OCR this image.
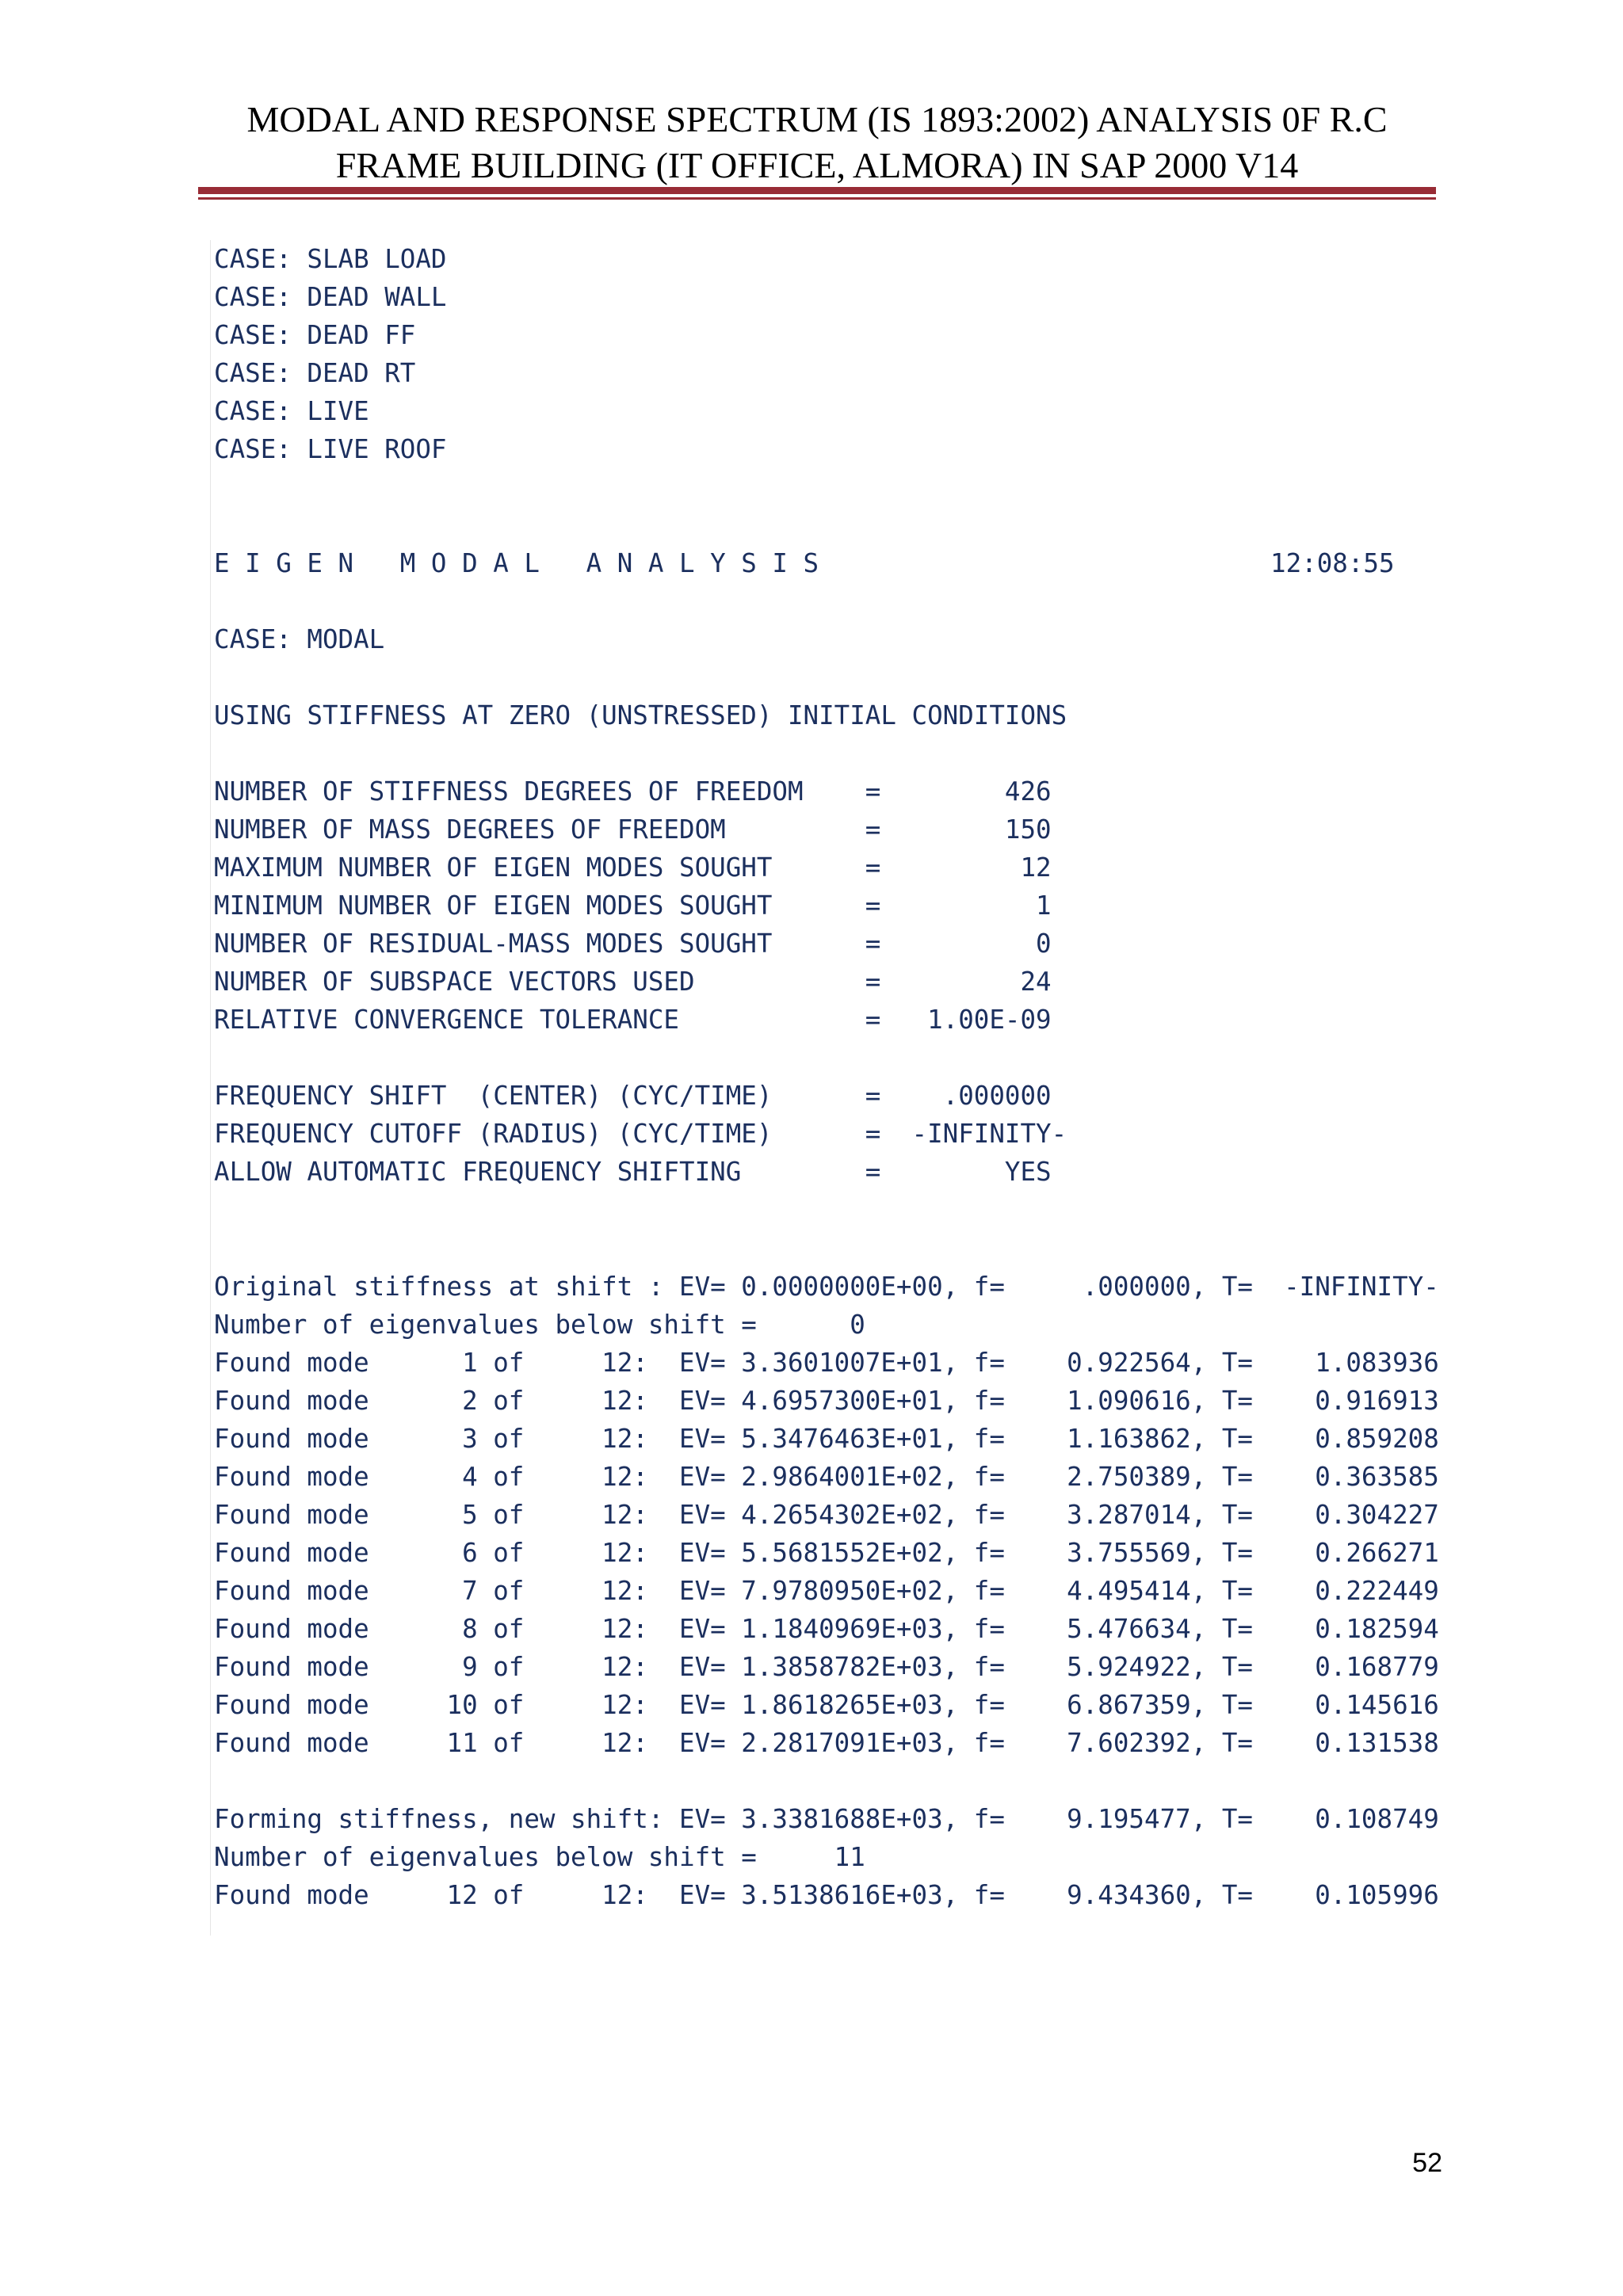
MODAL AND RESPONSE SPECTRUM (IS 1893:2002) ANALYSIS 0F R.C
FRAME BUILDING (IT OFFICE, ALMORA) IN SAP 2000 V14
CASE: SLAB LOAD
CASE: DEAD WALL
CASE: DEAD FF
CASE: DEAD RT
CASE: LIVE
CASE: LIVE ROOF
E I G E N   M O D A L   A N A L Y S I S	12:08:55
CASE: MODAL
USING STIFFNESS AT ZERO (UNSTRESSED) INITIAL CONDITIONS
NUMBER OF STIFFNESS DEGREES OF FREEDOM    =        426
NUMBER OF MASS DEGREES OF FREEDOM         =        150
MAXIMUM NUMBER OF EIGEN MODES SOUGHT      =         12
MINIMUM NUMBER OF EIGEN MODES SOUGHT      =          1
NUMBER OF RESIDUAL-MASS MODES SOUGHT      =          0
NUMBER OF SUBSPACE VECTORS USED           =         24
RELATIVE CONVERGENCE TOLERANCE            =   1.00E-09
FREQUENCY SHIFT  (CENTER) (CYC/TIME)      =    .000000
FREQUENCY CUTOFF (RADIUS) (CYC/TIME)      =  -INFINITY-
ALLOW AUTOMATIC FREQUENCY SHIFTING        =        YES
Original stiffness at shift : EV= 0.0000000E+00, f=     .000000, T=  -INFINITY-
Number of eigenvalues below shift =      0
Found mode      1 of     12:  EV= 3.3601007E+01, f=    0.922564, T=    1.083936
Found mode      2 of     12:  EV= 4.6957300E+01, f=    1.090616, T=    0.916913
Found mode      3 of     12:  EV= 5.3476463E+01, f=    1.163862, T=    0.859208
Found mode      4 of     12:  EV= 2.9864001E+02, f=    2.750389, T=    0.363585
Found mode      5 of     12:  EV= 4.2654302E+02, f=    3.287014, T=    0.304227
Found mode      6 of     12:  EV= 5.5681552E+02, f=    3.755569, T=    0.266271
Found mode      7 of     12:  EV= 7.9780950E+02, f=    4.495414, T=    0.222449
Found mode      8 of     12:  EV= 1.1840969E+03, f=    5.476634, T=    0.182594
Found mode      9 of     12:  EV= 1.3858782E+03, f=    5.924922, T=    0.168779
Found mode     10 of     12:  EV= 1.8618265E+03, f=    6.867359, T=    0.145616
Found mode     11 of     12:  EV= 2.2817091E+03, f=    7.602392, T=    0.131538
Forming stiffness, new shift: EV= 3.3381688E+03, f=    9.195477, T=    0.108749
Number of eigenvalues below shift =     11
Found mode     12 of     12:  EV= 3.5138616E+03, f=    9.434360, T=    0.105996
52
